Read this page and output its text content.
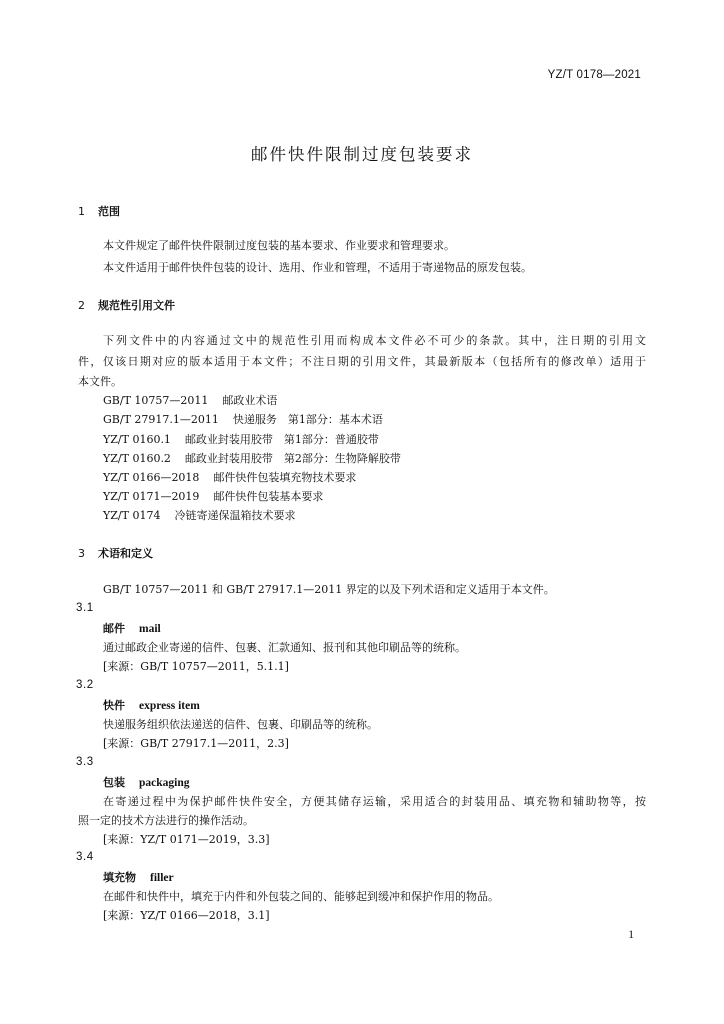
YZ/T 0178—2021
邮件快件限制过度包装要求
1 范围
本文件规定了邮件快件限制过度包装的基本要求、作业要求和管理要求。
本文件适用于邮件快件包装的设计、选用、作业和管理，不适用于寄递物品的原发包装。
2 规范性引用文件
下列文件中的内容通过文中的规范性引用而构成本文件必不可少的条款。其中，注日期的引用文
件，仅该日期对应的版本适用于本文件；不注日期的引用文件，其最新版本（包括所有的修改单）适用于
本文件。
GB/T 10757—2011 邮政业术语
GB/T 27917.1—2011 快递服务　第1部分：基本术语
YZ/T 0160.1 邮政业封装用胶带　第1部分：普通胶带
YZ/T 0160.2 邮政业封装用胶带　第2部分：生物降解胶带
YZ/T 0166—2018 邮件快件包装填充物技术要求
YZ/T 0171—2019 邮件快件包装基本要求
YZ/T 0174 冷链寄递保温箱技术要求
3 术语和定义
GB/T 10757—2011 和 GB/T 27917.1—2011 界定的以及下列术语和定义适用于本文件。
3.1
邮件 mail
通过邮政企业寄递的信件、包裹、汇款通知、报刊和其他印刷品等的统称。
[来源：GB/T 10757—2011，5.1.1]
3.2
快件 express item
快递服务组织依法递送的信件、包裹、印刷品等的统称。
[来源：GB/T 27917.1—2011，2.3]
3.3
包装 packaging
在寄递过程中为保护邮件快件安全，方便其储存运输，采用适合的封装用品、填充物和辅助物等，按
照一定的技术方法进行的操作活动。
[来源：YZ/T 0171—2019，3.3]
3.4
填充物 filler
在邮件和快件中，填充于内件和外包装之间的、能够起到缓冲和保护作用的物品。
[来源：YZ/T 0166—2018，3.1]
1
